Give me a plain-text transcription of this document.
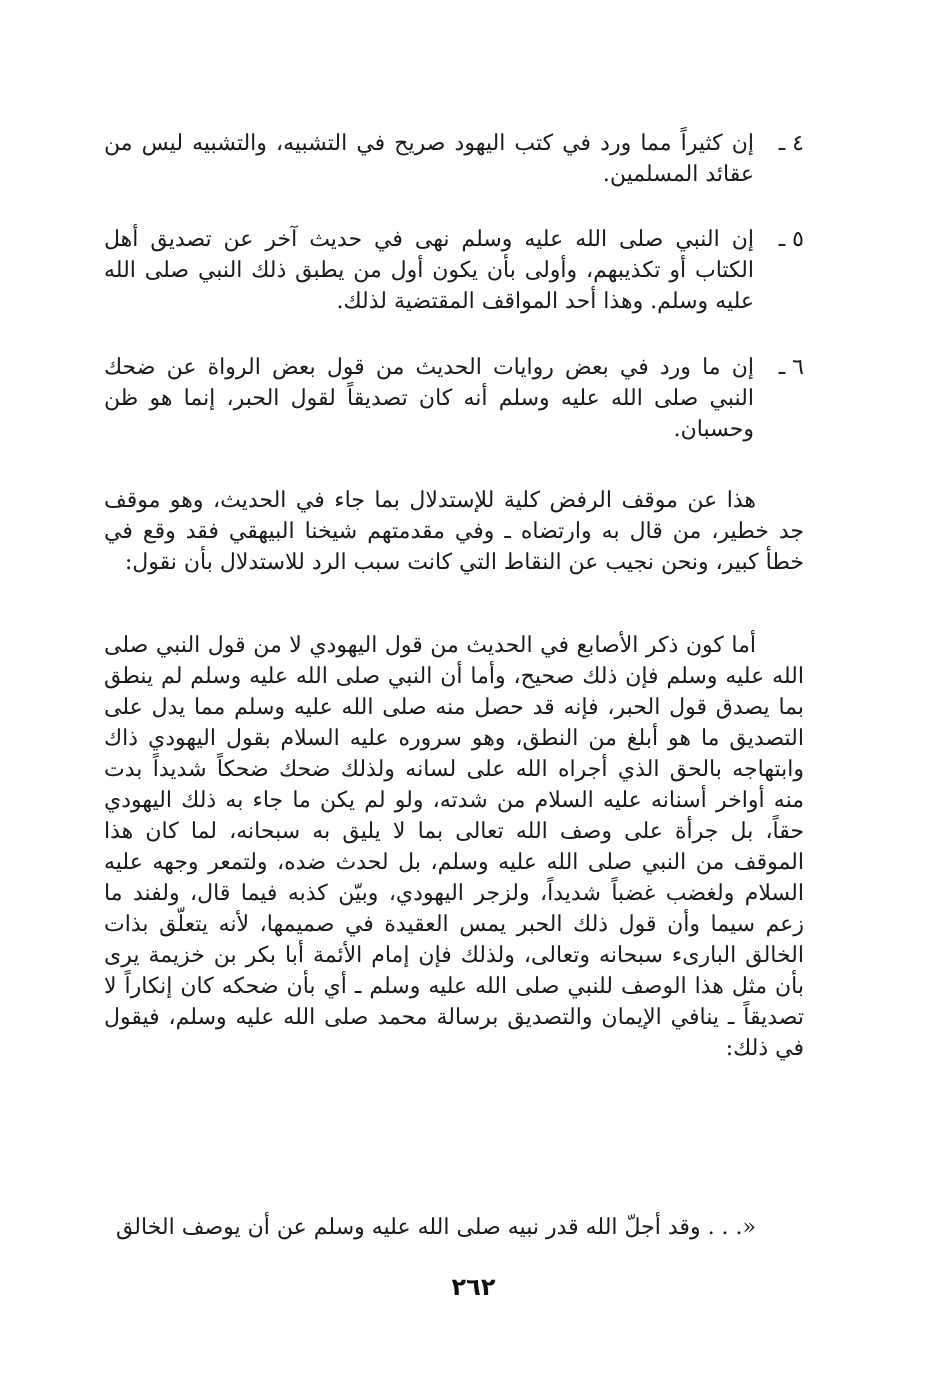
٤ ـ
إن كثيراً مما ورد في كتب اليهود صريح في التشبيه، والتشبيه ليس من عقائد المسلمين.
٥ ـ
إن النبي صلى الله عليه وسلم نهى في حديث آخر عن تصديق أهل الكتاب أو تكذيبهم، وأولى بأن يكون أول من يطبق ذلك النبي صلى الله عليه وسلم. وهذا أحد المواقف المقتضية لذلك.
٦ ـ
إن ما ورد في بعض روايات الحديث من قول بعض الرواة عن ضحك النبي صلى الله عليه وسلم أنه كان تصديقاً لقول الحبر، إنما هو ظن وحسبان.
هذا عن موقف الرفض كلية للإستدلال بما جاء في الحديث، وهو موقف جد خطير، من قال به وارتضاه ـ وفي مقدمتهم شيخنا البيهقي فقد وقع في خطأ كبير، ونحن نجيب عن النقاط التي كانت سبب الرد للاستدلال بأن نقول:
أما كون ذكر الأصابع في الحديث من قول اليهودي لا من قول النبي صلى الله عليه وسلم فإن ذلك صحيح، وأما أن النبي صلى الله عليه وسلم لم ينطق بما يصدق قول الحبر، فإنه قد حصل منه صلى الله عليه وسلم مما يدل على التصديق ما هو أبلغ من النطق، وهو سروره عليه السلام بقول اليهودي ذاك وابتهاجه بالحق الذي أجراه الله على لسانه ولذلك ضحك ضحكاً شديداً بدت منه أواخر أسنانه عليه السلام من شدته، ولو لم يكن ما جاء به ذلك اليهودي حقاً، بل جرأة على وصف الله تعالى بما لا يليق به سبحانه، لما كان هذا الموقف من النبي صلى الله عليه وسلم، بل لحدث ضده، ولتمعر وجهه عليه السلام ولغضب غضباً شديداً، ولزجر اليهودي، وبيّن كذبه فيما قال، ولفند ما زعم سيما وأن قول ذلك الحبر يمس العقيدة في صميمها، لأنه يتعلّق بذات الخالق البارىء سبحانه وتعالى، ولذلك فإن إمام الأئمة أبا بكر بن خزيمة يرى بأن مثل هذا الوصف للنبي صلى الله عليه وسلم ـ أي بأن ضحكه كان إنكاراً لا تصديقاً ـ ينافي الإيمان والتصديق برسالة محمد صلى الله عليه وسلم، فيقول في ذلك:
«. . . وقد أجلّ الله قدر نبيه صلى الله عليه وسلم عن أن يوصف الخالق
٢٦٢
